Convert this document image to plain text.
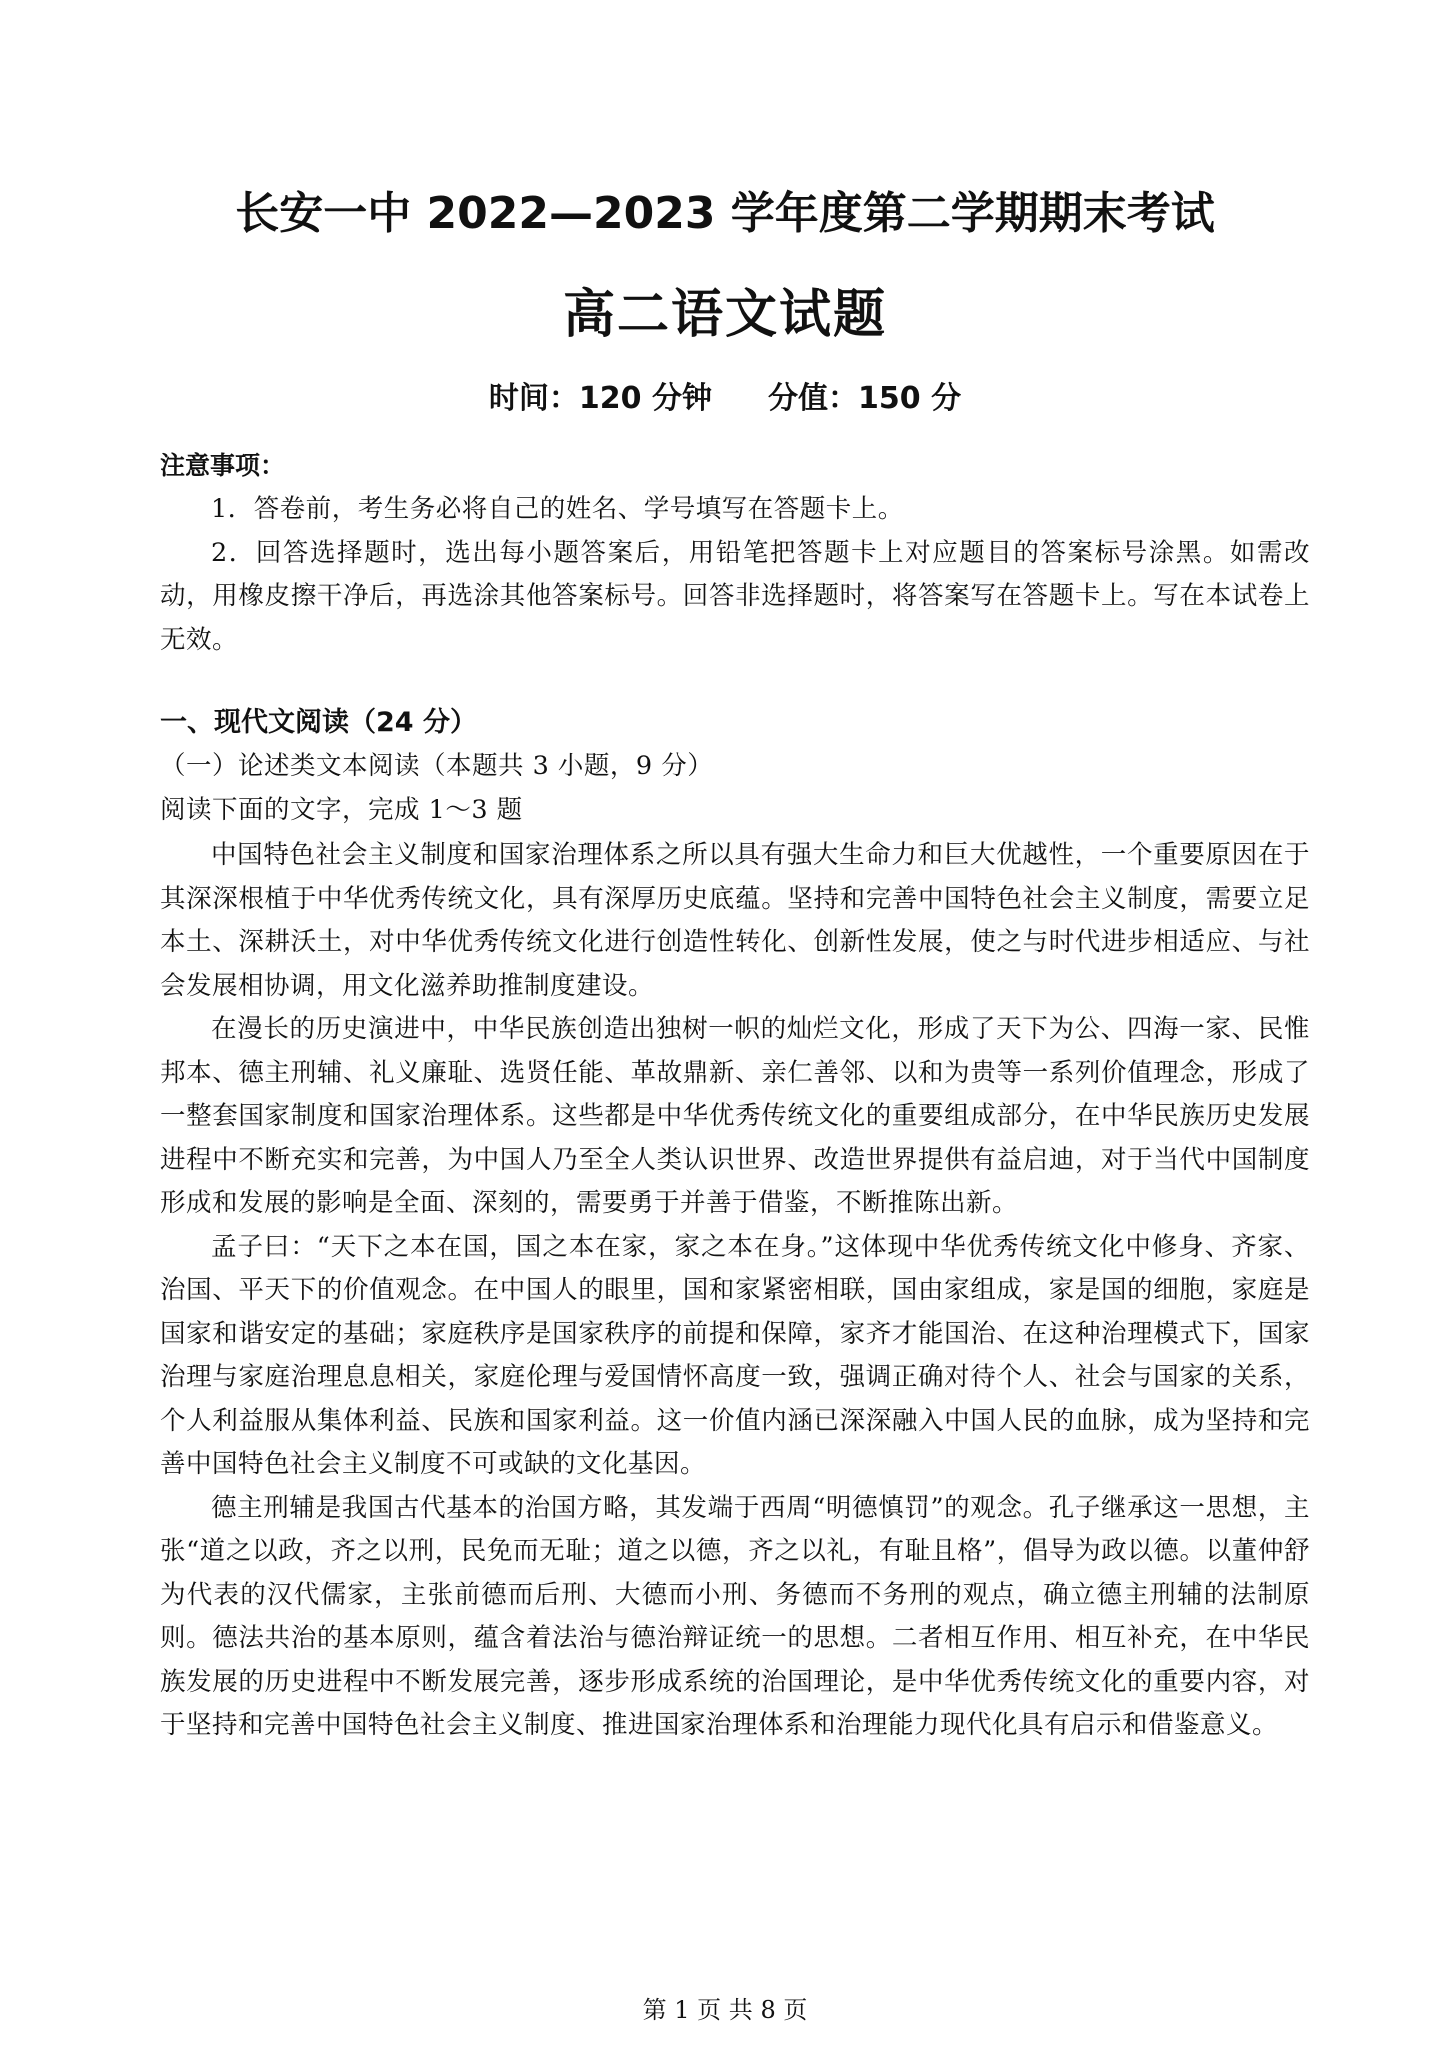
长安一中 2022—2023 学年度第二学期期末考试
高二语文试题
时间：120 分钟 分值：150 分
注意事项：

1．答卷前，考生务必将自己的姓名、学号填写在答题卡上。

2．回答选择题时，选出每小题答案后，用铅笔把答题卡上对应题目的答案标号涂黑。如需改动，用橡皮擦干净后，再选涂其他答案标号。回答非选择题时，将答案写在答题卡上。写在本试卷上无效。

一、现代文阅读（24 分）
（一）论述类文本阅读（本题共 3 小题，9 分）
阅读下面的文字，完成 1～3 题

中国特色社会主义制度和国家治理体系之所以具有强大生命力和巨大优越性，一个重要原因在于其深深根植于中华优秀传统文化，具有深厚历史底蕴。坚持和完善中国特色社会主义制度，需要立足本土、深耕沃土，对中华优秀传统文化进行创造性转化、创新性发展，使之与时代进步相适应、与社会发展相协调，用文化滋养助推制度建设。

在漫长的历史演进中，中华民族创造出独树一帜的灿烂文化，形成了天下为公、四海一家、民惟邦本、德主刑辅、礼义廉耻、选贤任能、革故鼎新、亲仁善邻、以和为贵等一系列价值理念，形成了一整套国家制度和国家治理体系。这些都是中华优秀传统文化的重要组成部分，在中华民族历史发展进程中不断充实和完善，为中国人乃至全人类认识世界、改造世界提供有益启迪，对于当代中国制度形成和发展的影响是全面、深刻的，需要勇于并善于借鉴，不断推陈出新。

孟子曰：“天下之本在国，国之本在家，家之本在身。”这体现中华优秀传统文化中修身、齐家、治国、平天下的价值观念。在中国人的眼里，国和家紧密相联，国由家组成，家是国的细胞，家庭是国家和谐安定的基础；家庭秩序是国家秩序的前提和保障，家齐才能国治、在这种治理模式下，国家治理与家庭治理息息相关，家庭伦理与爱国情怀高度一致，强调正确对待个人、社会与国家的关系，个人利益服从集体利益、民族和国家利益。这一价值内涵已深深融入中国人民的血脉，成为坚持和完善中国特色社会主义制度不可或缺的文化基因。

德主刑辅是我国古代基本的治国方略，其发端于西周“明德慎罚”的观念。孔子继承这一思想，主张“道之以政，齐之以刑，民免而无耻；道之以德，齐之以礼，有耻且格”，倡导为政以德。以董仲舒为代表的汉代儒家，主张前德而后刑、大德而小刑、务德而不务刑的观点，确立德主刑辅的法制原则。德法共治的基本原则，蕴含着法治与德治辩证统一的思想。二者相互作用、相互补充，在中华民族发展的历史进程中不断发展完善，逐步形成系统的治国理论，是中华优秀传统文化的重要内容，对于坚持和完善中国特色社会主义制度、推进国家治理体系和治理能力现代化具有启示和借鉴意义。

第 1 页 共 8 页
